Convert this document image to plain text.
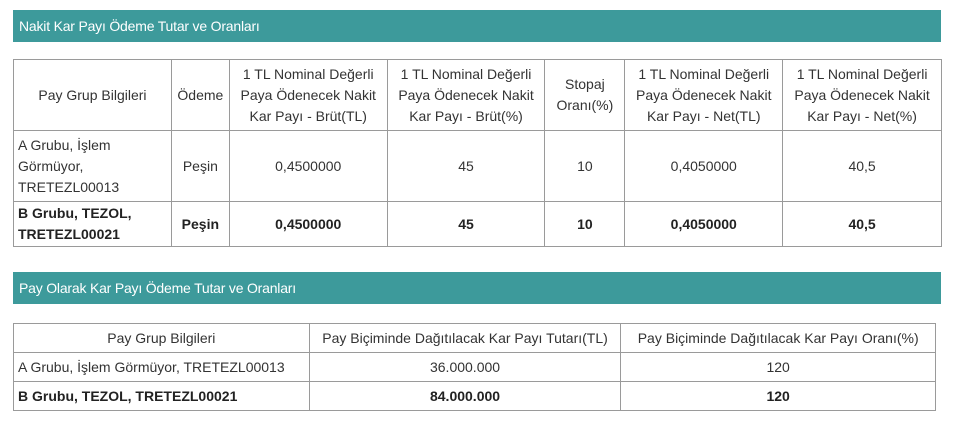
Nakit Kar Payı Ödeme Tutar ve Oranları
Pay Grup Bilgileri	Ödeme	1 TL Nominal Değerli Paya Ödenecek Nakit Kar Payı - Brüt(TL)	1 TL Nominal Değerli Paya Ödenecek Nakit Kar Payı - Brüt(%)	Stopaj Oranı(%)	1 TL Nominal Değerli Paya Ödenecek Nakit Kar Payı - Net(TL)	1 TL Nominal Değerli Paya Ödenecek Nakit Kar Payı - Net(%)
A Grubu, İşlem Görmüyor, TRETEZL00013	Peşin	0,4500000	45	10	0,4050000	40,5
B Grubu, TEZOL, TRETEZL00021	Peşin	0,4500000	45	10	0,4050000	40,5
Pay Olarak Kar Payı Ödeme Tutar ve Oranları
Pay Grup Bilgileri	Pay Biçiminde Dağıtılacak Kar Payı Tutarı(TL)	Pay Biçiminde Dağıtılacak Kar Payı Oranı(%)
A Grubu, İşlem Görmüyor, TRETEZL00013	36.000.000	120
B Grubu, TEZOL, TRETEZL00021	84.000.000	120
